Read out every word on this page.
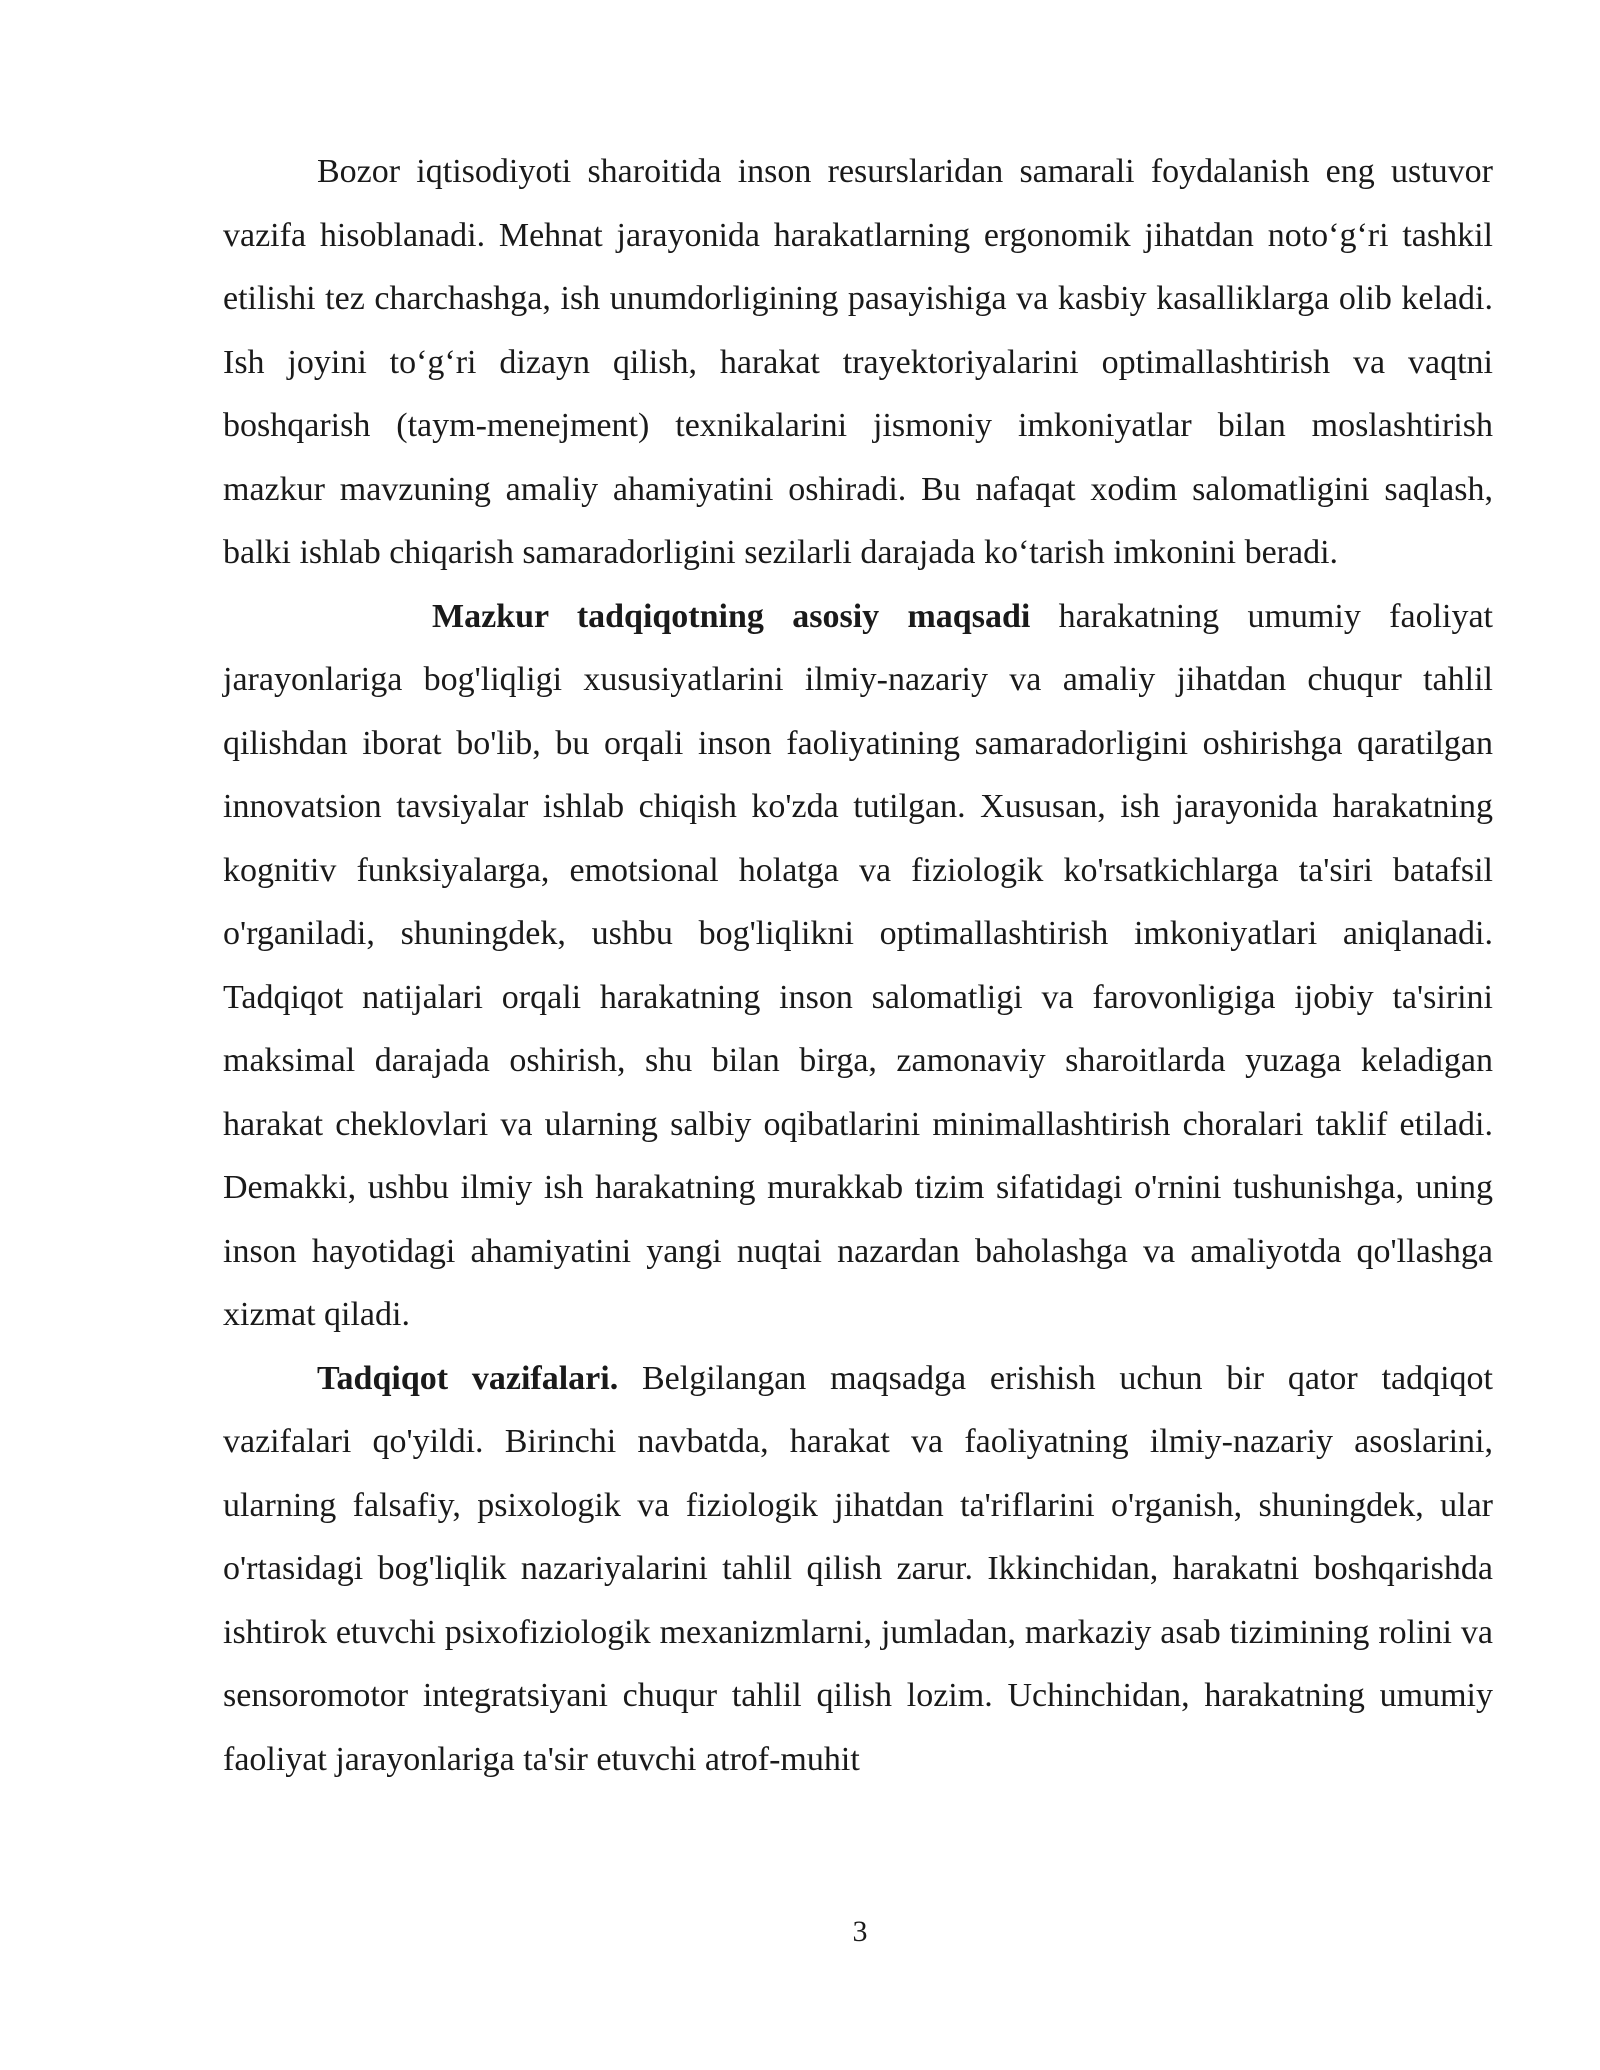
Bozor iqtisodiyoti sharoitida inson resurslaridan samarali foydalanish eng ustuvor vazifa hisoblanadi. Mehnat jarayonida harakatlarning ergonomik jihatdan noto‘g‘ri tashkil etilishi tez charchashga, ish unumdorligining pasayishiga va kasbiy kasalliklarga olib keladi. Ish joyini to‘g‘ri dizayn qilish, harakat trayektoriyalarini optimallashtirish va vaqtni boshqarish (taym-menejment) texnikalarini jismoniy imkoniyatlar bilan moslashtirish mazkur mavzuning amaliy ahamiyatini oshiradi. Bu nafaqat xodim salomatligini saqlash, balki ishlab chiqarish samaradorligini sezilarli darajada ko‘tarish imkonini beradi.

Mazkur tadqiqotning asosiy maqsadi harakatning umumiy faoliyat jarayonlariga bog'liqligi xususiyatlarini ilmiy-nazariy va amaliy jihatdan chuqur tahlil qilishdan iborat bo'lib, bu orqali inson faoliyatining samaradorligini oshirishga qaratilgan innovatsion tavsiyalar ishlab chiqish ko'zda tutilgan. Xususan, ish jarayonida harakatning kognitiv funksiyalarga, emotsional holatga va fiziologik ko'rsatkichlarga ta'siri batafsil o'rganiladi, shuningdek, ushbu bog'liqlikni optimallashtirish imkoniyatlari aniqlanadi. Tadqiqot natijalari orqali harakatning inson salomatligi va farovonligiga ijobiy ta'sirini maksimal darajada oshirish, shu bilan birga, zamonaviy sharoitlarda yuzaga keladigan harakat cheklovlari va ularning salbiy oqibatlarini minimallashtirish choralari taklif etiladi. Demakki, ushbu ilmiy ish harakatning murakkab tizim sifatidagi o'rnini tushunishga, uning inson hayotidagi ahamiyatini yangi nuqtai nazardan baholashga va amaliyotda qo'llashga xizmat qiladi.

Tadqiqot vazifalari. Belgilangan maqsadga erishish uchun bir qator tadqiqot vazifalari qo'yildi. Birinchi navbatda, harakat va faoliyatning ilmiy-nazariy asoslarini, ularning falsafiy, psixologik va fiziologik jihatdan ta'riflarini o'rganish, shuningdek, ular o'rtasidagi bog'liqlik nazariyalarini tahlil qilish zarur. Ikkinchidan, harakatni boshqarishda ishtirok etuvchi psixofiziologik mexanizmlarni, jumladan, markaziy asab tizimining rolini va sensoromotor integratsiyani chuqur tahlil qilish lozim. Uchinchidan, harakatning umumiy faoliyat jarayonlariga ta'sir etuvchi atrof-muhit

3
